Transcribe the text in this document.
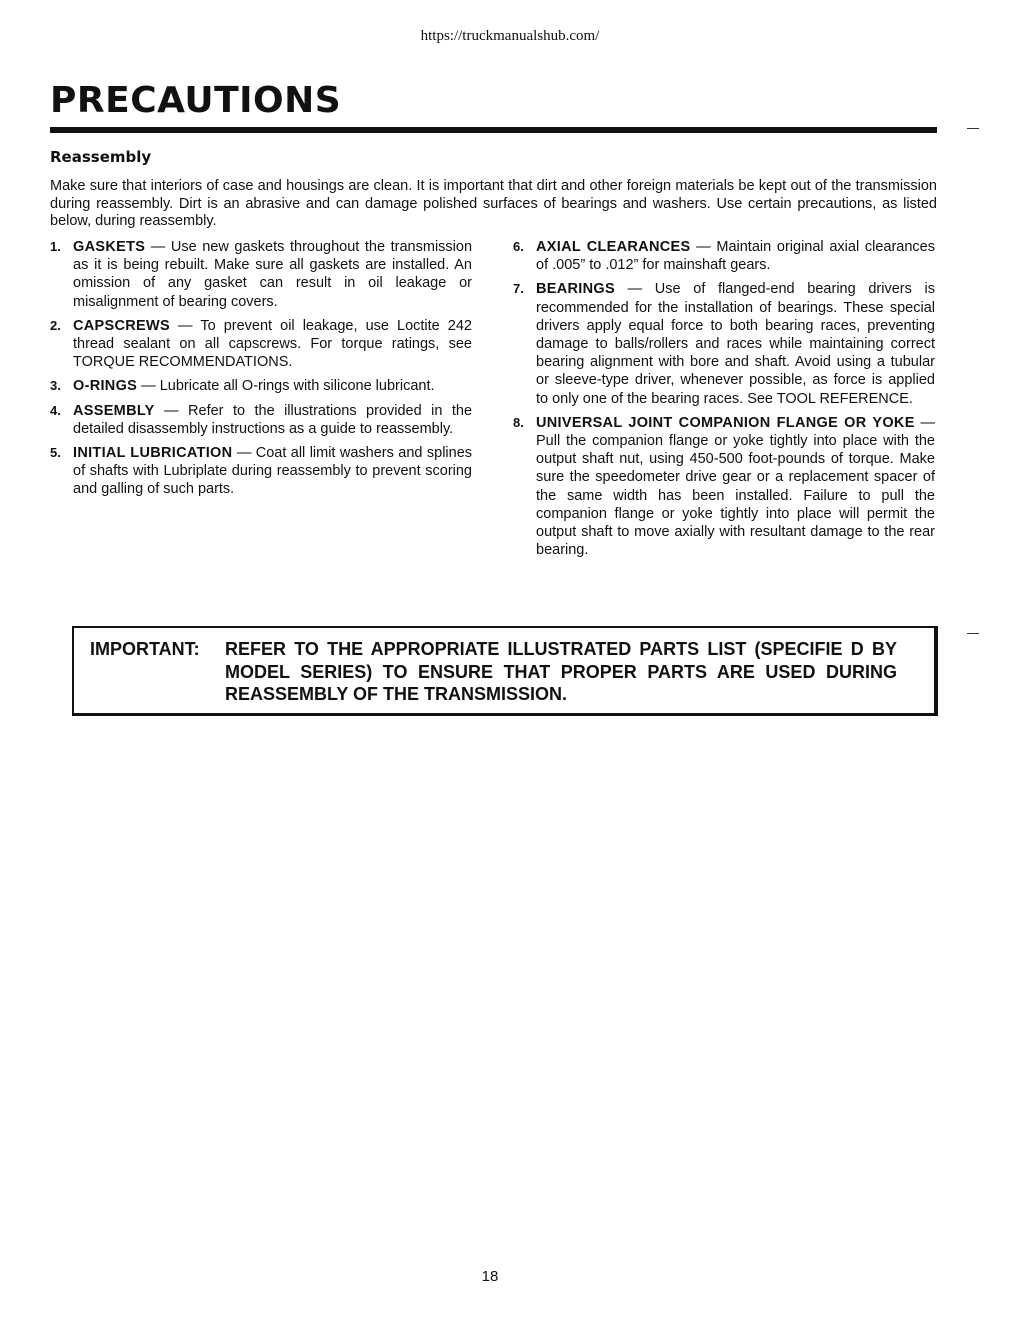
https://truckmanualshub.com/
PRECAUTIONS
Reassembly

Make sure that interiors of case and housings are clean. It is important that dirt and other foreign materials be kept out of the transmission during reassembly. Dirt is an abrasive and can damage polished surfaces of bearings and washers. Use certain precautions, as listed below, during reassembly.

1. GASKETS — Use new gaskets throughout the transmission as it is being rebuilt. Make sure all gaskets are installed. An omission of any gasket can result in oil leakage or misalignment of bearing covers.
2. CAPSCREWS — To prevent oil leakage, use Loctite 242 thread sealant on all capscrews. For torque ratings, see TORQUE RECOMMENDATIONS.
3. O-RINGS — Lubricate all O-rings with silicone lubricant.
4. ASSEMBLY — Refer to the illustrations provided in the detailed disassembly instructions as a guide to reassembly.
5. INITIAL LUBRICATION — Coat all limit washers and splines of shafts with Lubriplate during reassembly to prevent scoring and galling of such parts.
6. AXIAL CLEARANCES — Maintain original axial clearances of .005” to .012” for mainshaft gears.
7. BEARINGS — Use of flanged-end bearing drivers is recommended for the installation of bearings. These special drivers apply equal force to both bearing races, preventing damage to balls/rollers and races while maintaining correct bearing alignment with bore and shaft. Avoid using a tubular or sleeve-type driver, whenever possible, as force is applied to only one of the bearing races. See TOOL REFERENCE.
8. UNIVERSAL JOINT COMPANION FLANGE OR YOKE — Pull the companion flange or yoke tightly into place with the output shaft nut, using 450-500 foot-pounds of torque. Make sure the speedometer drive gear or a replacement spacer of the same width has been installed. Failure to pull the companion flange or yoke tightly into place will permit the output shaft to move axially with resultant damage to the rear bearing.
IMPORTANT: REFER TO THE APPROPRIATE ILLUSTRATED PARTS LIST (SPECIFIE D BY MODEL SERIES) TO ENSURE THAT PROPER PARTS ARE USED DURING REASSEMBLY OF THE TRANSMISSION.
18
